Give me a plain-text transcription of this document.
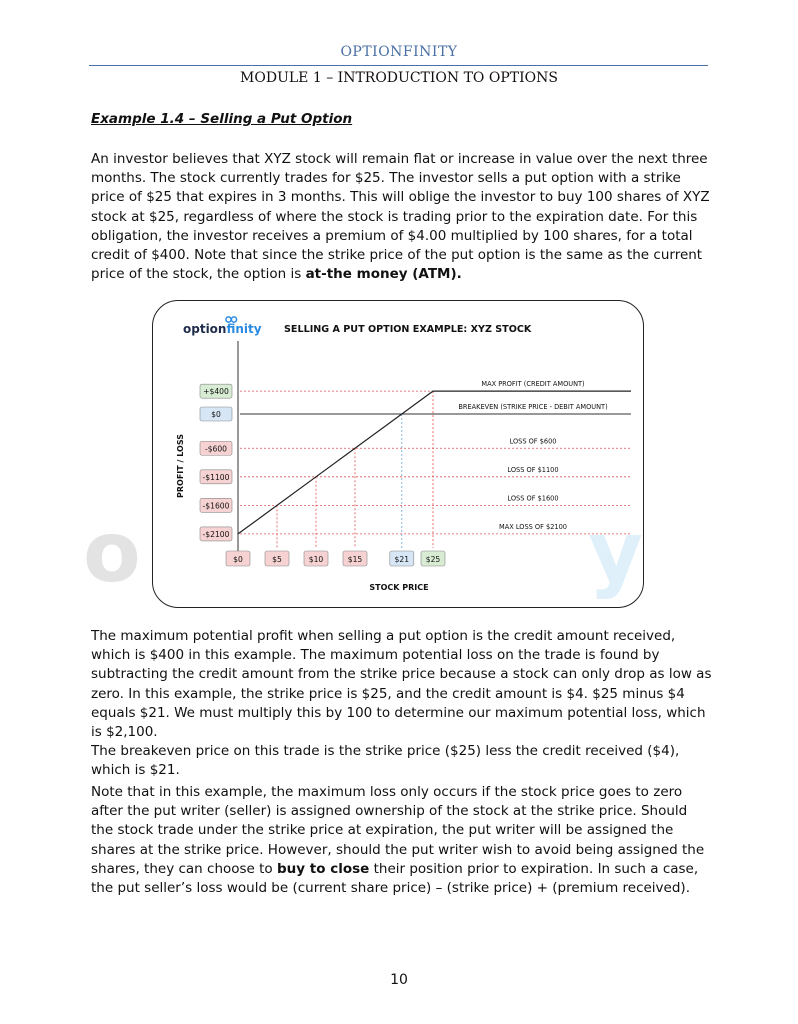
OPTIONFINITY
MODULE 1 – INTRODUCTION TO OPTIONS
Example 1.4 – Selling a Put Option
An investor believes that XYZ stock will remain flat or increase in value over the next three months. The stock currently trades for $25. The investor sells a put option with a strike price of $25 that expires in 3 months. This will oblige the investor to buy 100 shares of XYZ stock at $25, regardless of where the stock is trading prior to the expiration date. For this obligation, the investor receives a premium of $4.00 multiplied by 100 shares, for a total credit of $400. Note that since the strike price of the put option is the same as the current price of the stock, the option is at-the money (ATM).
o	y
optionfinity SELLING A PUT OPTION EXAMPLE: XYZ STOCK
PROFIT / LOSS
STOCK PRICE
+$400
$0
-$600
-$1100
-$1600
-$2100
$0	$5	$10	$15	$21 $25
MAX PROFIT (CREDIT AMOUNT)
BREAKEVEN (STRIKE PRICE - DEBIT AMOUNT)
LOSS OF $600
LOSS OF $1100
LOSS OF $1600
MAX LOSS OF $2100
The maximum potential profit when selling a put option is the credit amount received, which is $400 in this example. The maximum potential loss on the trade is found by subtracting the credit amount from the strike price because a stock can only drop as low as zero. In this example, the strike price is $25, and the credit amount is $4. $25 minus $4 equals $21. We must multiply this by 100 to determine our maximum potential loss, which is $2,100.
The breakeven price on this trade is the strike price ($25) less the credit received ($4), which is $21.
Note that in this example, the maximum loss only occurs if the stock price goes to zero after the put writer (seller) is assigned ownership of the stock at the strike price. Should the stock trade under the strike price at expiration, the put writer will be assigned the shares at the strike price. However, should the put writer wish to avoid being assigned the shares, they can choose to buy to close their position prior to expiration. In such a case, the put seller’s loss would be (current share price) – (strike price) + (premium received).
10
